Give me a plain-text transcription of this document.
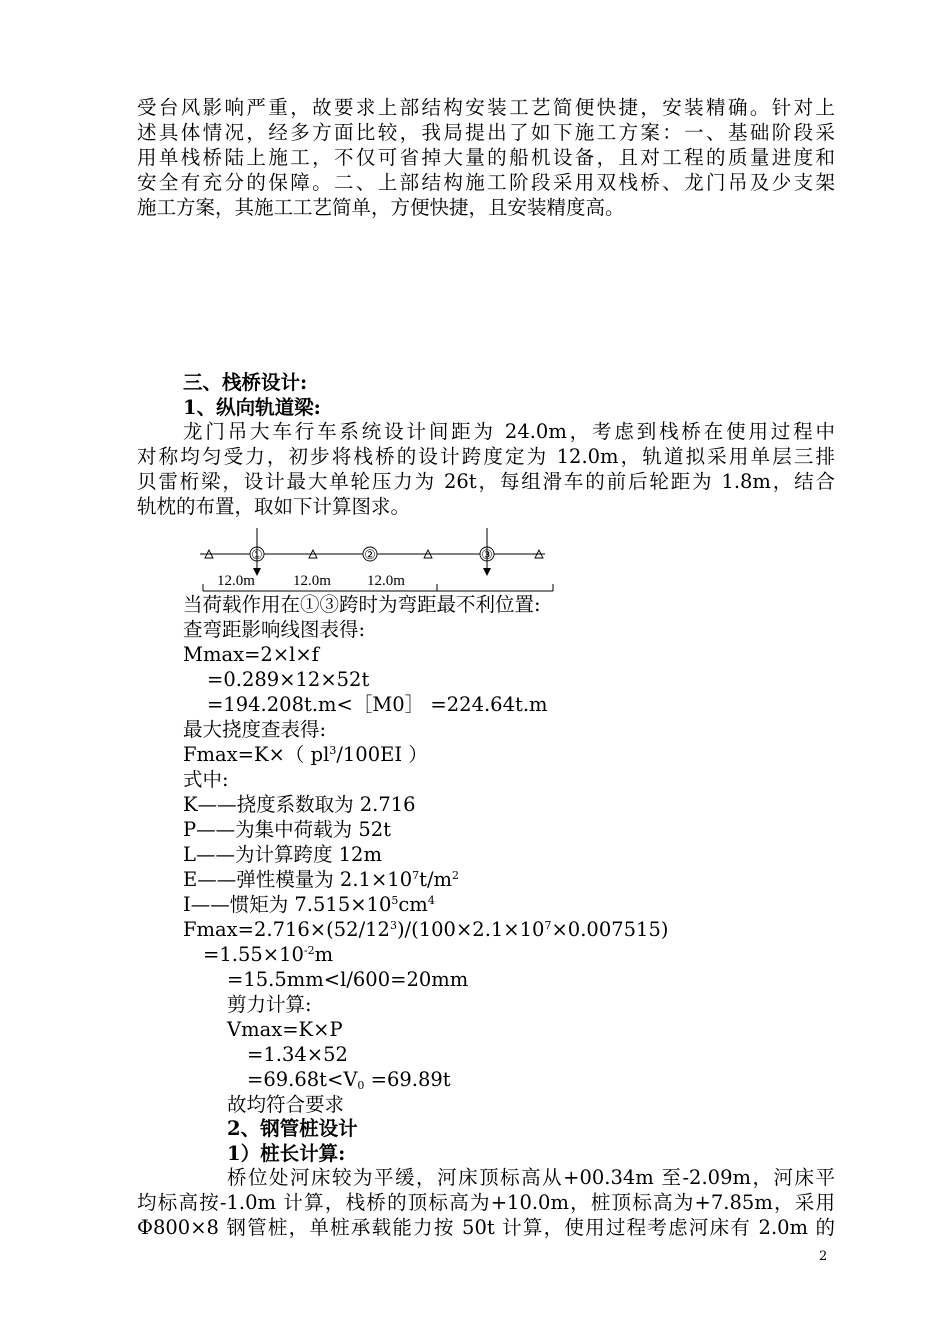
受台风影响严重，故要求上部结构安装工艺简便快捷，安装精确。针对上
述具体情况，经多方面比较，我局提出了如下施工方案：一、基础阶段采
用单栈桥陆上施工，不仅可省掉大量的船机设备，且对工程的质量进度和
安全有充分的保障。二、上部结构施工阶段采用双栈桥、龙门吊及少支架
施工方案，其施工工艺简单，方便快捷，且安装精度高。
三、栈桥设计:
1、纵向轨道梁:
龙门吊大车行车系统设计间距为 24.0m，考虑到栈桥在使用过程中
对称均匀受力，初步将栈桥的设计跨度定为 12.0m，轨道拟采用单层三排
贝雷桁梁，设计最大单轮压力为 26t，每组滑车的前后轮距为 1.8m，结合
轨枕的布置，取如下计算图求。
①	②	③
12.0m	12.0m 12.0m
当荷载作用在①③跨时为弯距最不利位置:
查弯距影响线图表得:
Mmax=2×l×f
=0.289×12×52t
=194.208t.m<［M0］ =224.64t.m
最大挠度查表得:
Fmax=K×（ $pl^3/100EI$ ）
式中:
K——挠度系数取为 2.716
P——为集中荷载为 52t
L——为计算跨度 12m
E——弹性模量为 $2.1\times 10^7t/m^2$
I——惯矩为 $7.515\times 10^5cm^4$
$Fmax=2.716\times(52/12^3)/(100\times 2.1\times 10^7\times 0.007515)$
$=1.55\times 10^{-2}m$
=15.5mm<l/600=20mm
剪力计算:
Vmax=K×P
=1.34×52
$=69.68t<V_0 =69.89t$
故均符合要求
2、钢管桩设计
1）桩长计算:
桥位处河床较为平缓，河床顶标高从+00.34m 至-2.09m，河床平
均标高按-1.0m 计算，栈桥的顶标高为+10.0m，桩顶标高为+7.85m，采用
Φ800×8 钢管桩，单桩承载能力按 50t 计算，使用过程考虑河床有 2.0m 的
2
